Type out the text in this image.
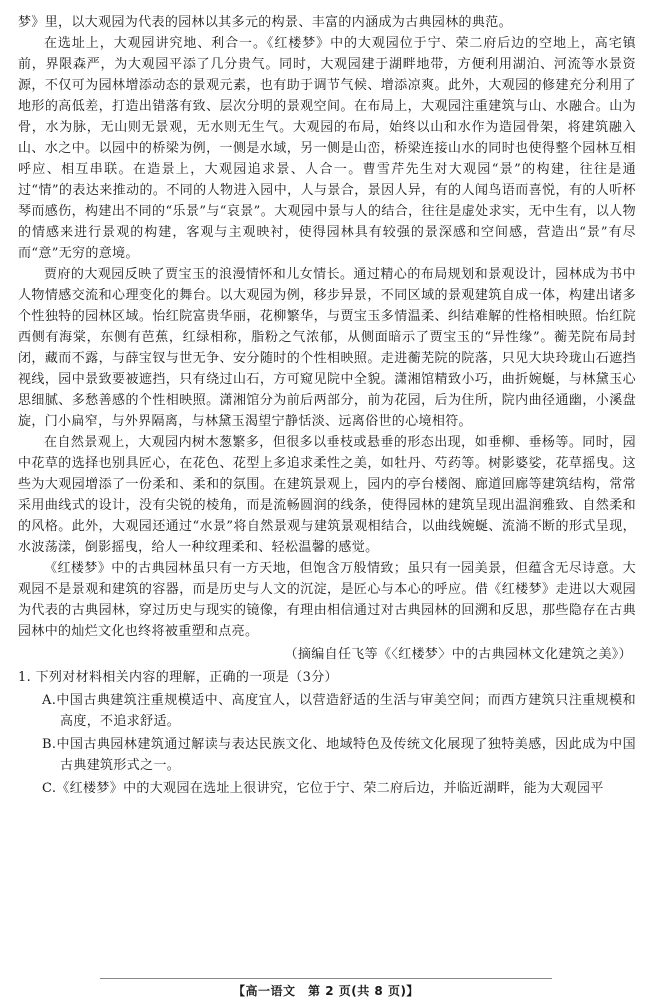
梦》里，以大观园为代表的园林以其多元的构景、丰富的内涵成为古典园林的典范。

在选址上，大观园讲究地、利合一。《红楼梦》中的大观园位于宁、荣二府后边的空地上，高宅镇前，界限森严，为大观园平添了几分贵气。同时，大观园建于湖畔地带，方便利用湖泊、河流等水景资源，不仅可为园林增添动态的景观元素，也有助于调节气候、增添凉爽。此外，大观园的修建充分利用了地形的高低差，打造出错落有致、层次分明的景观空间。在布局上，大观园注重建筑与山、水融合。山为骨，水为脉，无山则无景观，无水则无生气。大观园的布局，始终以山和水作为造园骨架，将建筑融入山、水之中。以园中的桥梁为例，一侧是水域，另一侧是山峦，桥梁连接山水的同时也使得整个园林互相呼应、相互串联。在造景上，大观园追求景、人合一。曹雪芹先生对大观园“景”的构建，往往是通过“情”的表达来推动的。不同的人物进入园中，人与景合，景因人异，有的人闻鸟语而喜悦，有的人听杯琴而感伤，构建出不同的“乐景”与“哀景”。大观园中景与人的结合，往往是虚处求实，无中生有，以人物的情感来进行景观的构建，客观与主观映衬，使得园林具有较强的景深感和空间感，营造出“景”有尽而“意”无穷的意境。

贾府的大观园反映了贾宝玉的浪漫情怀和儿女情长。通过精心的布局规划和景观设计，园林成为书中人物情感交流和心理变化的舞台。以大观园为例，移步异景，不同区域的景观建筑自成一体，构建出诸多个性独特的园林区域。怡红院富贵华丽，花柳繁华，与贾宝玉多情温柔、纠结难解的性格相映照。怡红院西侧有海棠，东侧有芭蕉，红绿相称，脂粉之气浓郁，从侧面暗示了贾宝玉的“异性缘”。蘅芜院布局封闭，藏而不露，与薛宝钗与世无争、安分随时的个性相映照。走进蘅芜院的院落，只见大块玲珑山石遮挡视线，园中景致要被遮挡，只有绕过山石，方可窥见院中全貌。潇湘馆精致小巧，曲折婉蜒，与林黛玉心思细腻、多愁善感的个性相映照。潇湘馆分为前后两部分，前为花园，后为住所，院内曲径通幽，小溪盘旋，门小扁窄，与外界隔离，与林黛玉渴望宁静恬淡、远离俗世的心境相符。

在自然景观上，大观园内树木葱繁多，但很多以垂枝或悬垂的形态出现，如垂柳、垂杨等。同时，园中花草的选择也别具匠心，在花色、花型上多追求柔性之美，如牡丹、芍药等。树影婆娑，花草摇曳。这些为大观园增添了一份柔和、柔和的氛围。在建筑景观上，园内的亭台楼阁、廊道回廊等建筑结构，常常采用曲线式的设计，没有尖锐的棱角，而是流畅圆润的线条，使得园林的建筑呈现出温润雅致、自然柔和的风格。此外，大观园还通过“水景”将自然景观与建筑景观相结合，以曲线婉蜒、流淌不断的形式呈现，水波荡漾，倒影摇曳，给人一种纹理柔和、轻松温馨的感觉。

《红楼梦》中的古典园林虽只有一方天地，但饱含万般情致；虽只有一园美景，但蕴含无尽诗意。大观园不是景观和建筑的容器，而是历史与人文的沉淀，是匠心与本心的呼应。借《红楼梦》走进以大观园为代表的古典园林，穿过历史与现实的镜像，有理由相信通过对古典园林的回溯和反思，那些隐存在古典园林中的灿烂文化也终将被重塑和点亮。

（摘编自任飞等《〈红楼梦〉中的古典园林文化建筑之美》）

1. 下列对材料相关内容的理解，正确的一项是（3分）

A.中国古典建筑注重规模适中、高度宜人，以营造舒适的生活与审美空间；而西方建筑只注重规模和高度，不追求舒适。

B.中国古典园林建筑通过解读与表达民族文化、地域特色及传统文化展现了独特美感，因此成为中国古典建筑形式之一。

C.《红楼梦》中的大观园在选址上很讲究，它位于宁、荣二府后边，并临近湖畔，能为大观园平

【高一语文　第 2 页(共 8 页)】
